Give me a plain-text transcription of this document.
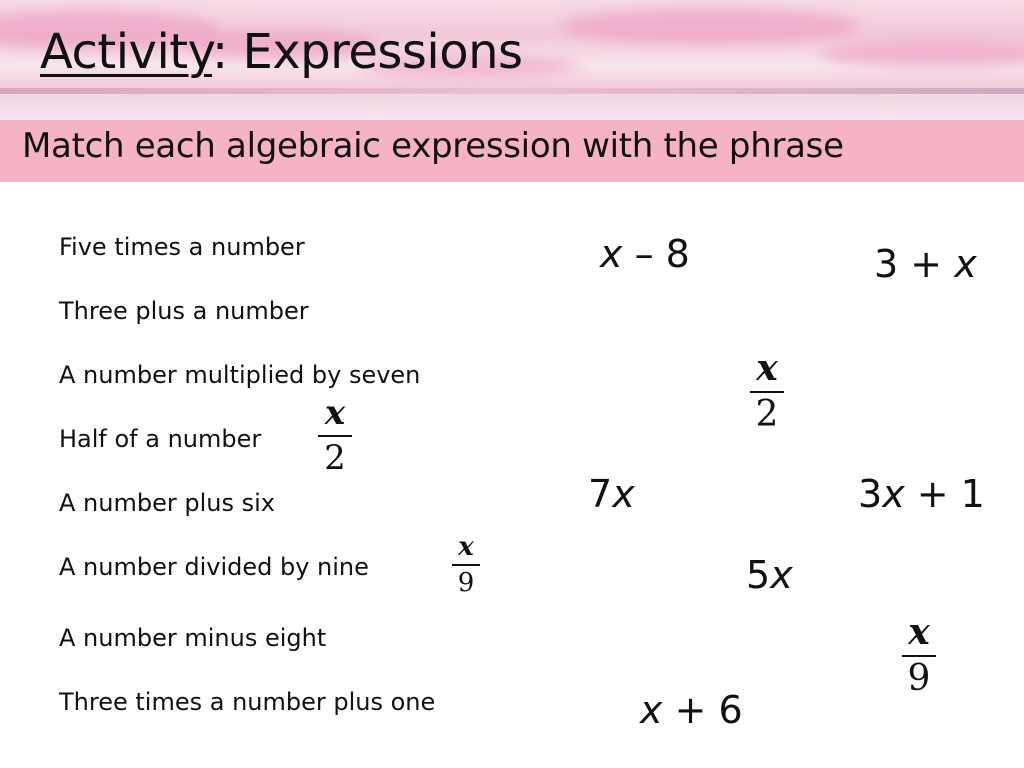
Activity: Expressions
Match each algebraic expression with the phrase
Five times a number
Three plus a number
A number multiplied by seven
Half of a number
A number plus six
A number divided by nine
A number minus eight
Three times a number plus one
x
2
x
9
x – 8	3 + x
7x	3x + 1
5x
x + 6
x
2
x
9
